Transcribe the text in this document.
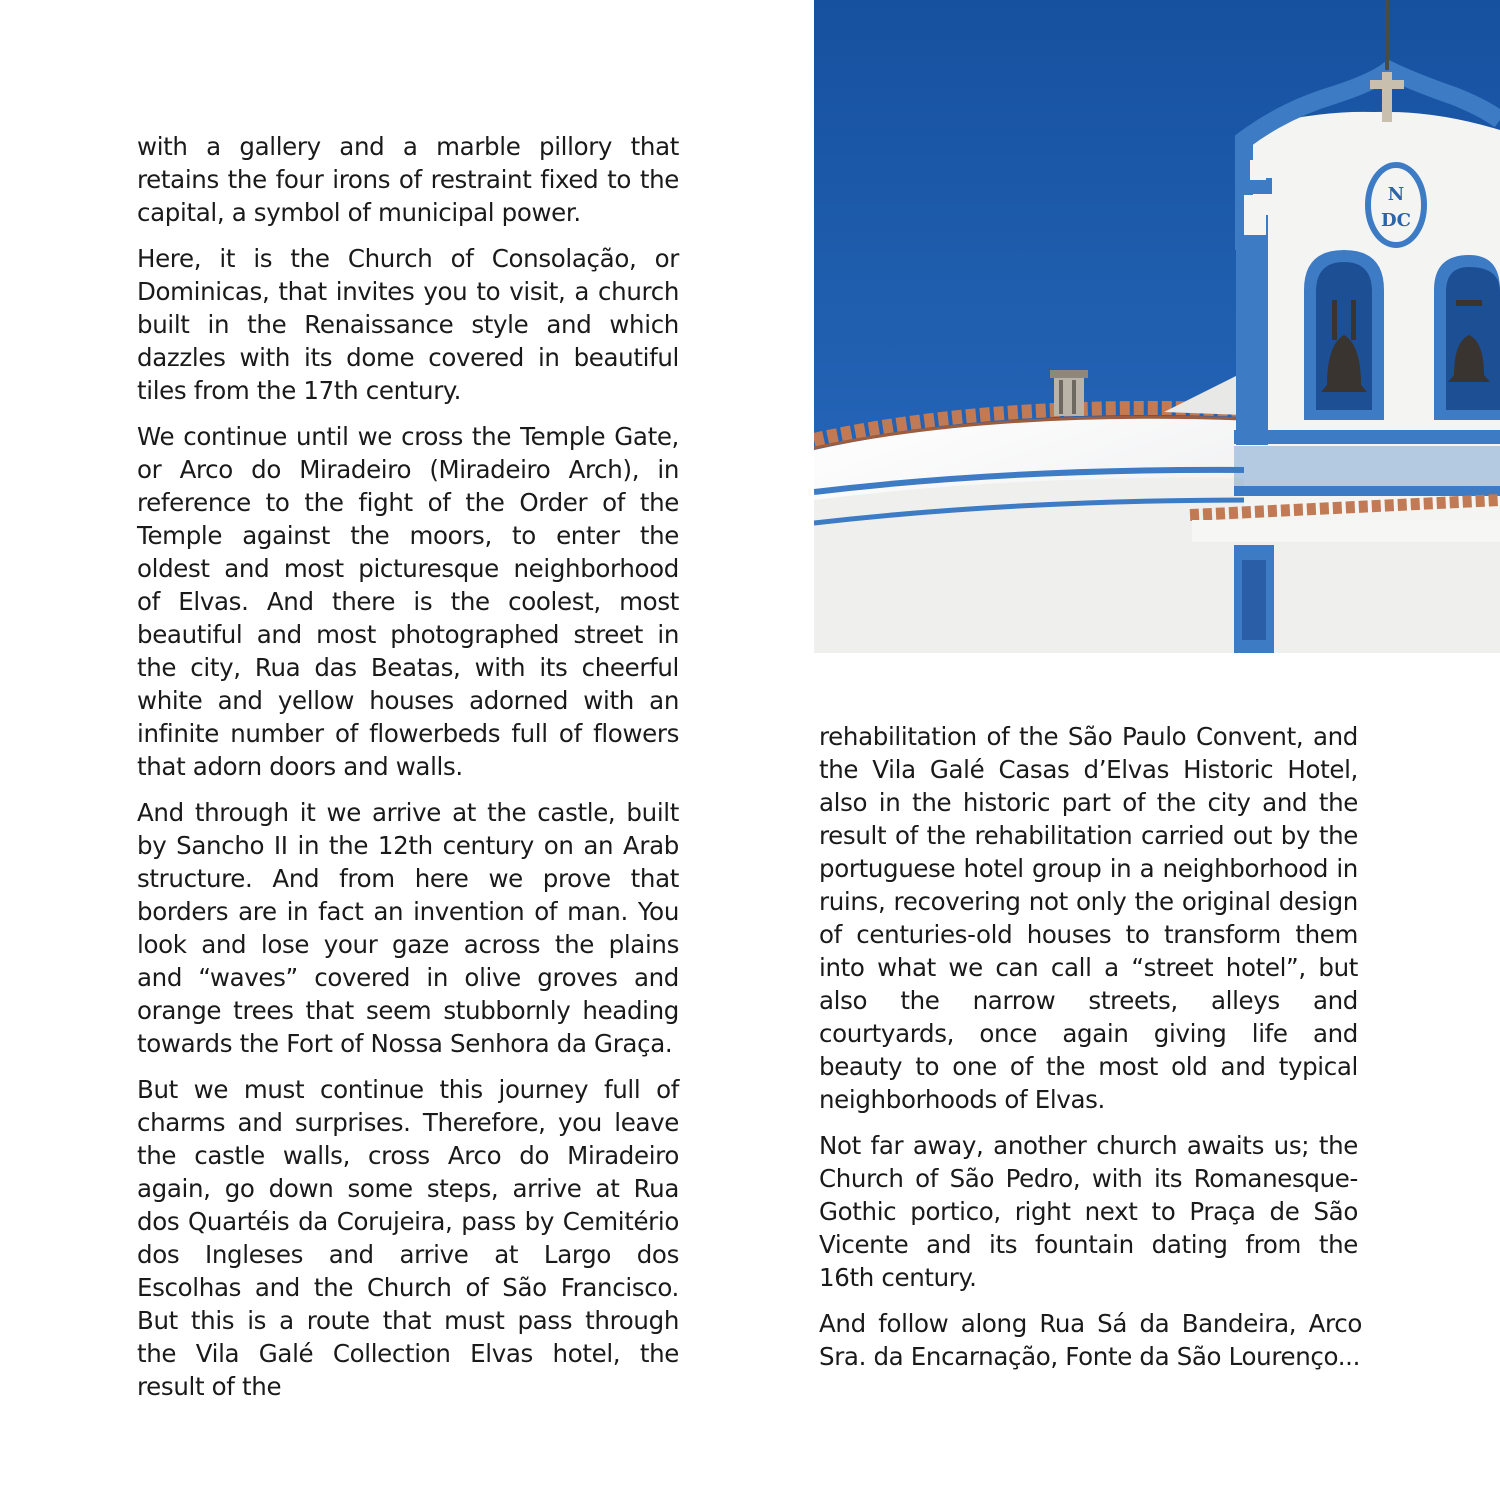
with a gallery and a marble pillory that retains the four irons of restraint fixed to the capital, a symbol of municipal power.

Here, it is the Church of Consolação, or Dominicas, that invites you to visit, a church built in the Renaissance style and which dazzles with its dome covered in beautiful tiles from the 17th century.

We continue until we cross the Temple Gate, or Arco do Miradeiro (Miradeiro Arch), in reference to the fight of the Order of the Temple against the moors, to enter the oldest and most picturesque neighborhood of Elvas. And there is the coolest, most beautiful and most photographed street in the city, Rua das Beatas, with its cheerful white and yellow houses adorned with an infinite number of flowerbeds full of flowers that adorn doors and walls.

And through it we arrive at the castle, built by Sancho II in the 12th century on an Arab structure. And from here we prove that borders are in fact an invention of man. You look and lose your gaze across the plains and “waves” covered in olive groves and orange trees that seem stubbornly heading towards the Fort of Nossa Senhora da Graça.

But we must continue this journey full of charms and surprises. Therefore, you leave the castle walls, cross Arco do Miradeiro again, go down some steps, arrive at Rua dos Quartéis da Corujeira, pass by Cemitério dos Ingleses and arrive at Largo dos Escolhas and the Church of São Francisco. But this is a route that must pass through the Vila Galé Collection Elvas hotel, the result of the

N
DC

rehabilitation of the São Paulo Convent, and the Vila Galé Casas d’Elvas Historic Hotel, also in the historic part of the city and the result of the rehabilitation carried out by the portuguese hotel group in a neighborhood in ruins, recovering not only the original design of centuries-old houses to transform them into what we can call a “street hotel”, but also the narrow streets, alleys and courtyards, once again giving life and beauty to one of the most old and typical neighborhoods of Elvas.

Not far away, another church awaits us; the Church of São Pedro, with its Romanesque-Gothic portico, right next to Praça de São Vicente and its fountain dating from the 16th century.

And follow along Rua Sá da Bandeira, Arco Sra. da Encarnação, Fonte da São Lourenço...
